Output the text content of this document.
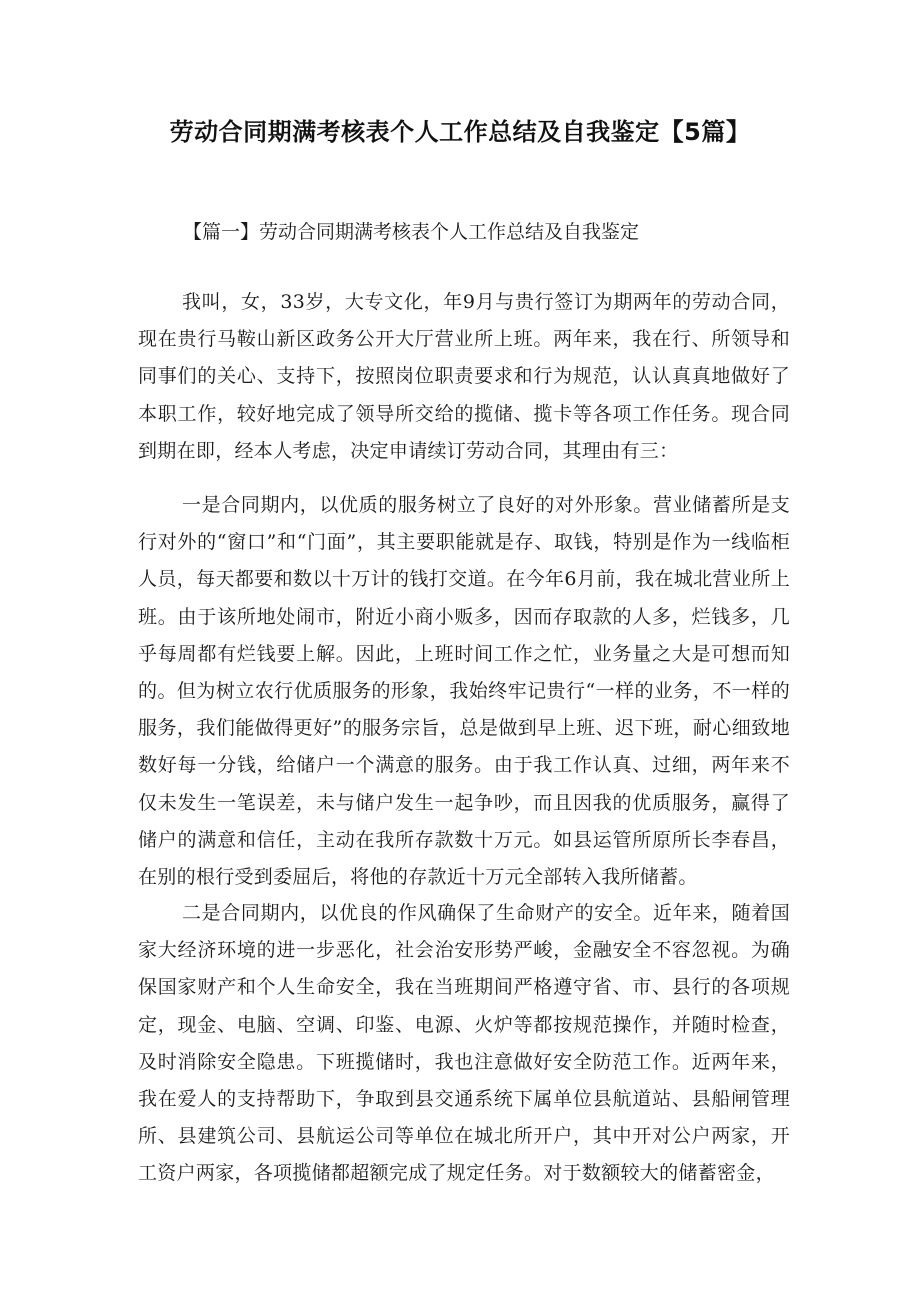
劳动合同期满考核表个人工作总结及自我鉴定【5篇】
【篇一】劳动合同期满考核表个人工作总结及自我鉴定

我叫，女，33岁，大专文化，年9月与贵行签订为期两年的劳动合同，现在贵行马鞍山新区政务公开大厅营业所上班。两年来，我在行、所领导和同事们的关心、支持下，按照岗位职责要求和行为规范，认认真真地做好了本职工作，较好地完成了领导所交给的揽储、揽卡等各项工作任务。现合同到期在即，经本人考虑，决定申请续订劳动合同，其理由有三：

一是合同期内，以优质的服务树立了良好的对外形象。营业储蓄所是支行对外的“窗口”和“门面”，其主要职能就是存、取钱，特别是作为一线临柜人员，每天都要和数以十万计的钱打交道。在今年6月前，我在城北营业所上班。由于该所地处闹市，附近小商小贩多，因而存取款的人多，烂钱多，几乎每周都有烂钱要上解。因此，上班时间工作之忙，业务量之大是可想而知的。但为树立农行优质服务的形象，我始终牢记贵行“一样的业务，不一样的服务，我们能做得更好”的服务宗旨，总是做到早上班、迟下班，耐心细致地数好每一分钱，给储户一个满意的服务。由于我工作认真、过细，两年来不仅未发生一笔误差，未与储户发生一起争吵，而且因我的优质服务，赢得了储户的满意和信任，主动在我所存款数十万元。如县运管所原所长李春昌，在别的根行受到委屈后，将他的存款近十万元全部转入我所储蓄。

二是合同期内，以优良的作风确保了生命财产的安全。近年来，随着国家大经济环境的进一步恶化，社会治安形势严峻，金融安全不容忽视。为确保国家财产和个人生命安全，我在当班期间严格遵守省、市、县行的各项规定，现金、电脑、空调、印鉴、电源、火炉等都按规范操作，并随时检查，及时消除安全隐患。下班揽储时，我也注意做好安全防范工作。近两年来，我在爱人的支持帮助下，争取到县交通系统下属单位县航道站、县船闸管理所、县建筑公司、县航运公司等单位在城北所开户，其中开对公户两家，开工资户两家，各项揽储都超额完成了规定任务。对于数额较大的储蓄密金，
